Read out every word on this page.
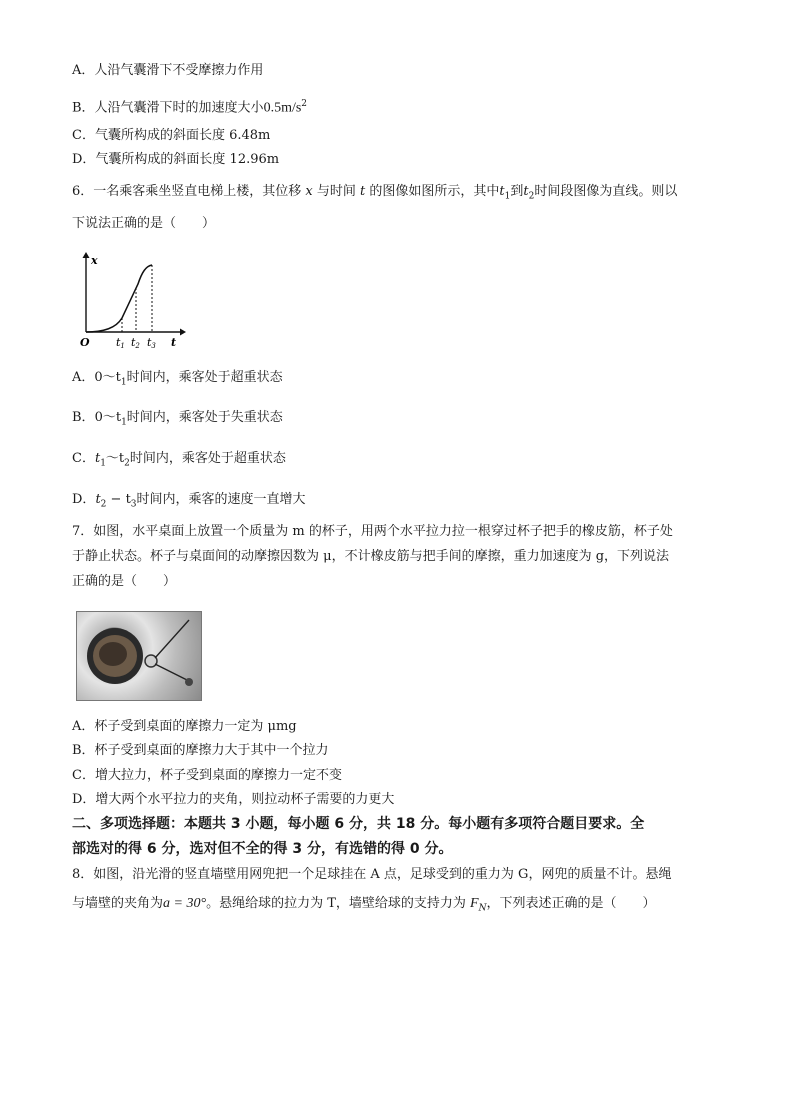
A．人沿气囊滑下不受摩擦力作用
B．人沿气囊滑下时的加速度大小$0.5m/s^2$
C．气囊所构成的斜面长度 6.48m
D．气囊所构成的斜面长度 12.96m
6．一名乘客乘坐竖直电梯上楼，其位移 x 与时间 t 的图像如图所示，其中$t_1$到$t_2$时间段图像为直线。则以
下说法正确的是（　　）
x
O t1 t2 t3 t
A．$0\sim t_1$时间内，乘客处于超重状态
B．$0\sim t_1$时间内，乘客处于失重状态
C．$t_1\sim t_2$时间内，乘客处于超重状态
D．$t_2 - t_3$时间内，乘客的速度一直增大
7．如图，水平桌面上放置一个质量为 m 的杯子，用两个水平拉力拉一根穿过杯子把手的橡皮筋，杯子处
于静止状态。杯子与桌面间的动摩擦因数为 μ，不计橡皮筋与把手间的摩擦，重力加速度为 g，下列说法
正确的是（　　）
A．杯子受到桌面的摩擦力一定为 μmg
B．杯子受到桌面的摩擦力大于其中一个拉力
C．增大拉力，杯子受到桌面的摩擦力一定不变
D．增大两个水平拉力的夹角，则拉动杯子需要的力更大
二、多项选择题：本题共 3 小题，每小题 6 分，共 18 分。每小题有多项符合题目要求。全
部选对的得 6 分，选对但不全的得 3 分，有选错的得 0 分。
8．如图，沿光滑的竖直墙壁用网兜把一个足球挂在 A 点，足球受到的重力为 G，网兜的质量不计。悬绳
与墙壁的夹角为a = 30°。悬绳给球的拉力为 T，墙壁给球的支持力为 $F_N$，下列表述正确的是（　　）
